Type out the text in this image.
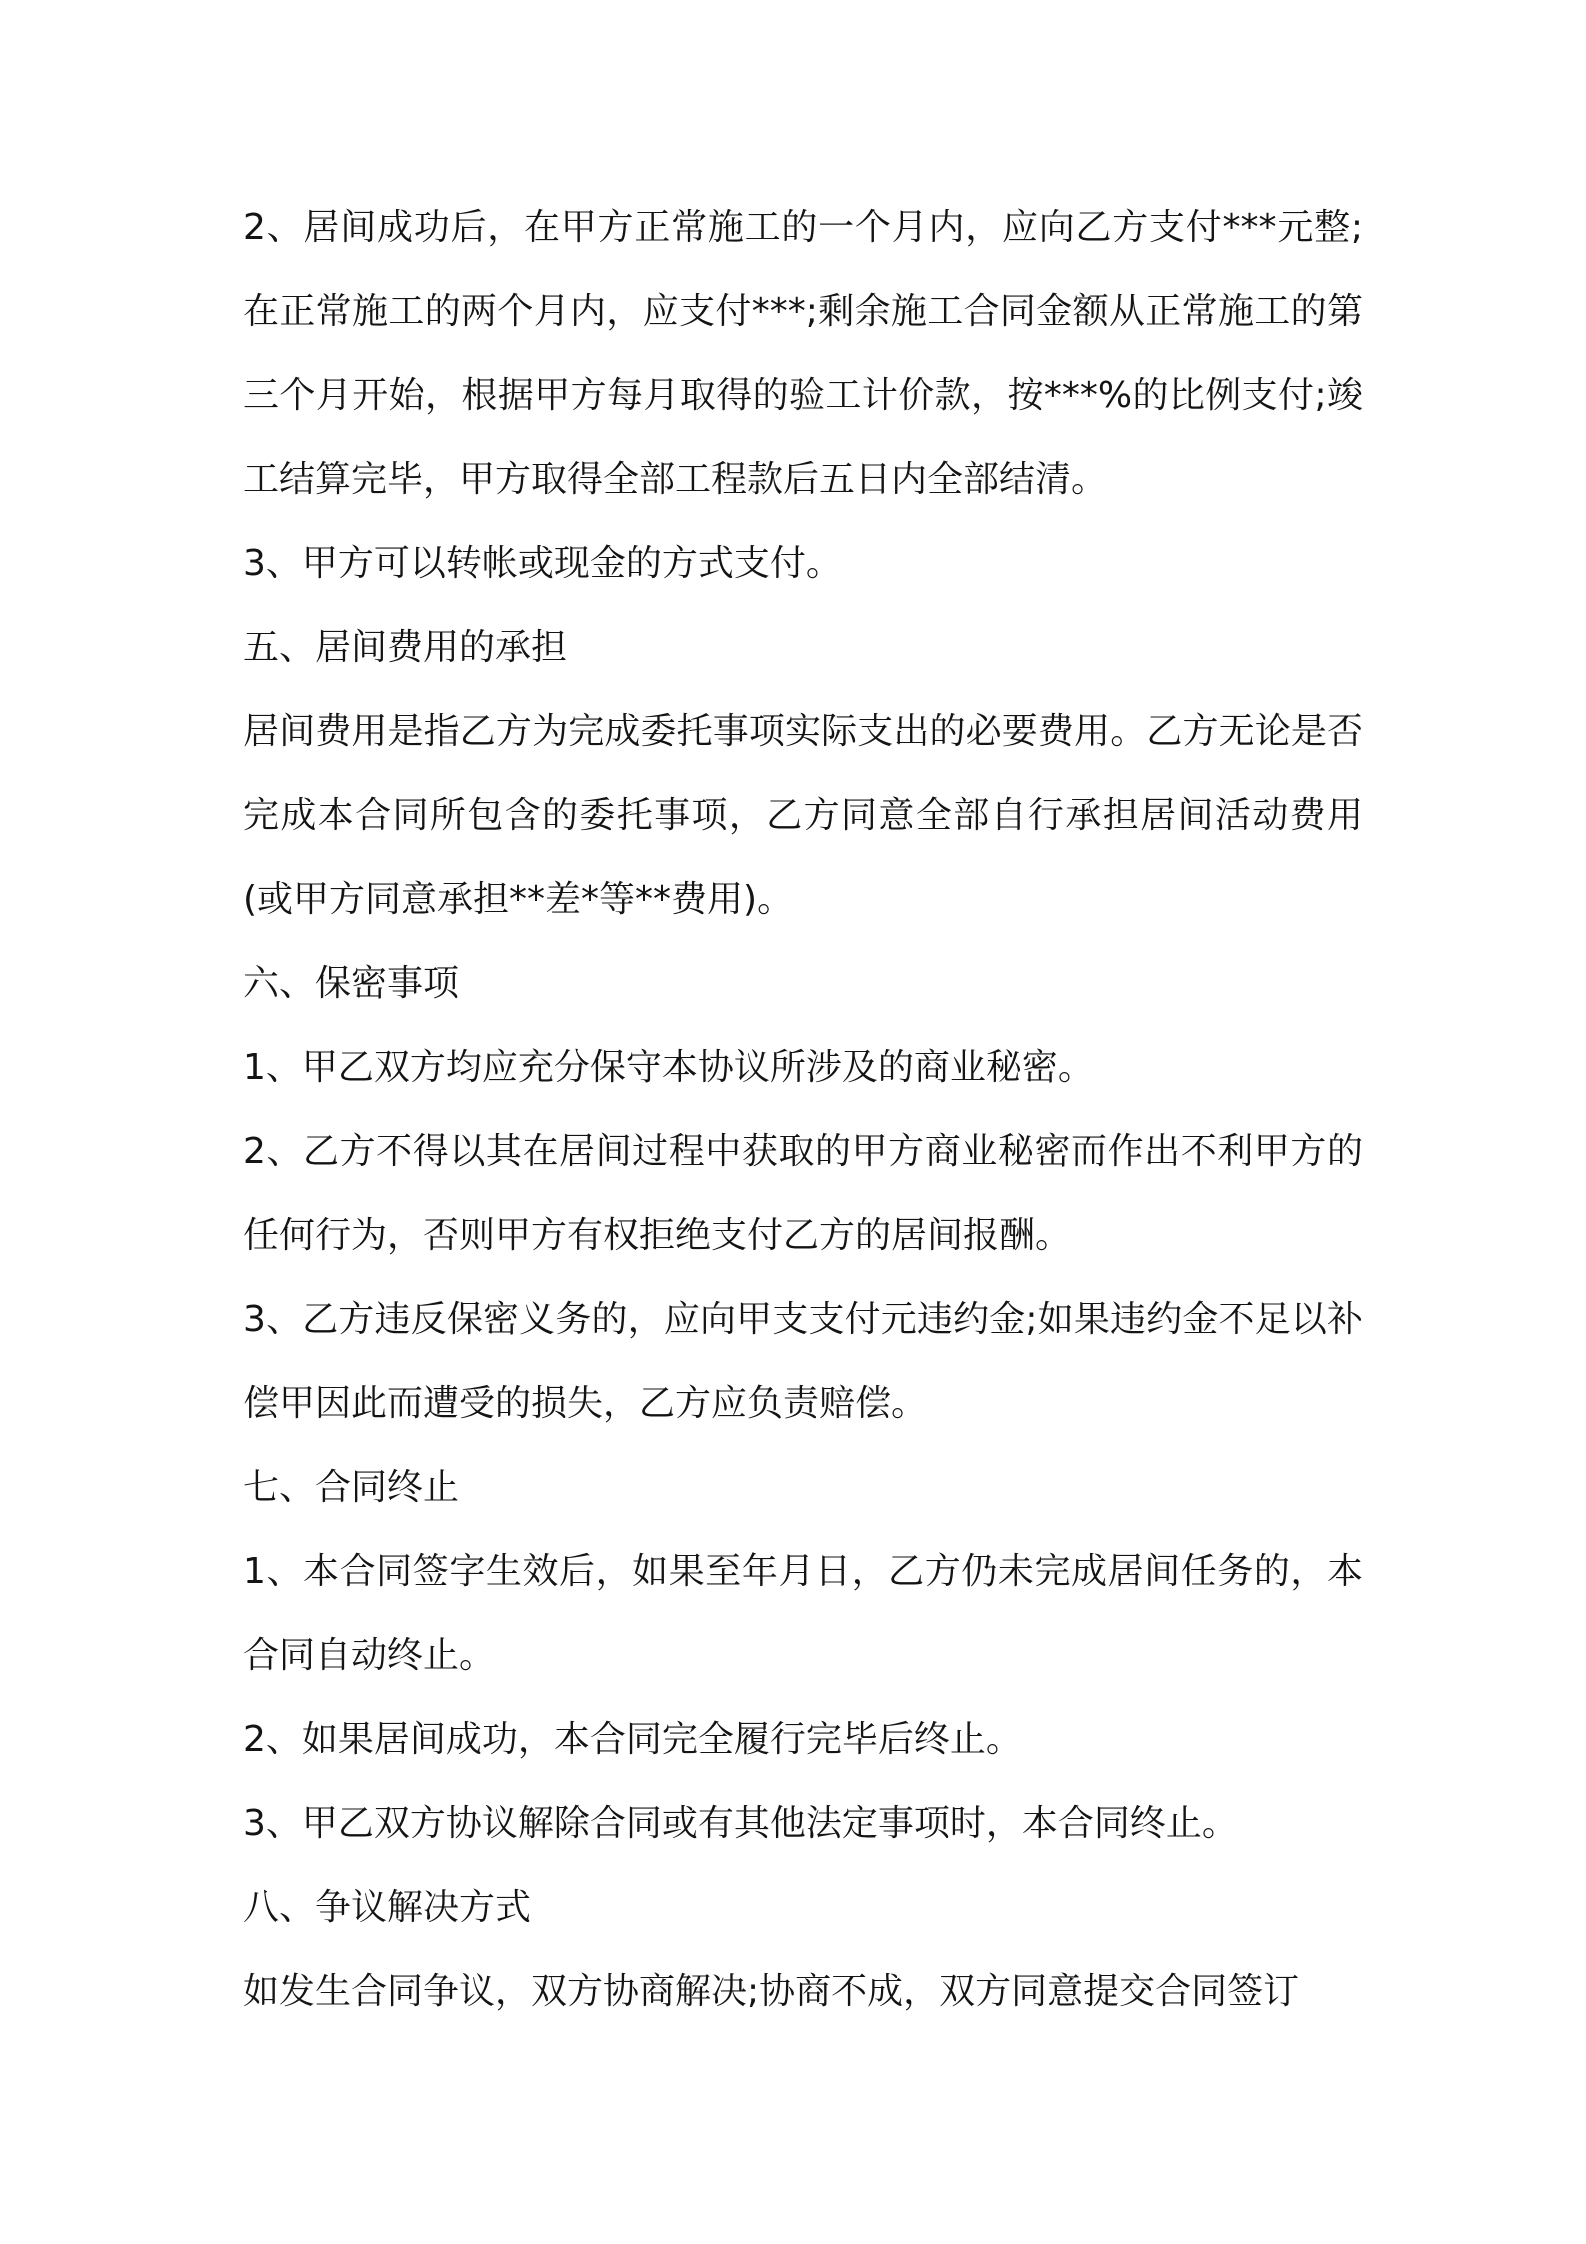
2、居间成功后，在甲方正常施工的一个月内，应向乙方支付***元整;在正常施工的两个月内，应支付***;剩余施工合同金额从正常施工的第三个月开始，根据甲方每月取得的验工计价款，按***%的比例支付;竣工结算完毕，甲方取得全部工程款后五日内全部结清。

3、甲方可以转帐或现金的方式支付。

五、居间费用的承担

居间费用是指乙方为完成委托事项实际支出的必要费用。乙方无论是否完成本合同所包含的委托事项，乙方同意全部自行承担居间活动费用(或甲方同意承担**差*等**费用)。

六、保密事项

1、甲乙双方均应充分保守本协议所涉及的商业秘密。

2、乙方不得以其在居间过程中获取的甲方商业秘密而作出不利甲方的任何行为，否则甲方有权拒绝支付乙方的居间报酬。

3、乙方违反保密义务的，应向甲支支付元违约金;如果违约金不足以补偿甲因此而遭受的损失，乙方应负责赔偿。

七、合同终止

1、本合同签字生效后，如果至年月日，乙方仍未完成居间任务的，本合同自动终止。

2、如果居间成功，本合同完全履行完毕后终止。

3、甲乙双方协议解除合同或有其他法定事项时，本合同终止。

八、争议解决方式

如发生合同争议，双方协商解决;协商不成，双方同意提交合同签订
